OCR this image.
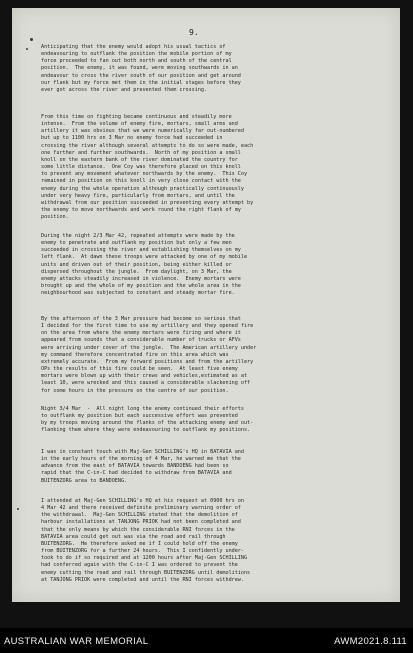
9.

Anticipating that the enemy would adopt his usual tactics of
endeavouring to outflank the position the mobile portion of my
force proceeded to fan out both north and south of the central
position.  The enemy, it was found, were moving southwards in an
endeavour to cross the river south of our position and get around
our flank but my force met them in the initial stages before they
ever got across the river and prevented them crossing.

From this time on fighting became continuous and steadily more
intense.  From the volume of enemy fire, mortars, small arms and
artillery it was obvious that we were numerically far out-numbered
but up to 1100 hrs on 3 Mar no enemy force had succeeded in
crossing the river although several attempts to do so were made, each
one further and further southwards.  North of my position a small
knoll on the eastern bank of the river dominated the country for
some little distance.  One Coy was therefore placed on this knoll
to prevent any movement whatever northwards by the enemy.  This Coy
remained in position on this knoll in very close contact with the
enemy during the whole operation although practically continuously
under very heavy fire, particularly from mortars, and until the
withdrawal from our position succeeded in preventing every attempt by
the enemy to move northwards and work round the right flank of my
position.

During the night 2/3 Mar 42, repeated attempts were made by the
enemy to penetrate and outflank my position but only a few men
succeeded in crossing the river and establishing themselves on my
left flank.  At dawn these troops were attacked by one of my mobile
units and driven out of their position, being either killed or
dispersed throughout the jungle.  From daylight, on 3 Mar, the
enemy attacks steadily increased in violence.  Enemy mortars were
brought up and the whole of my position and the whole area in the
neighbourhood was subjected to constant and steady mortar fire.

By the afternoon of the 3 Mar pressure had become so serious that
I decided for the first time to use my artillery and they opened fire
on the area from where the enemy mortars were firing and where it
appeared from sounds that a considerable number of trucks or AFVs
were arriving under cover of the jungle.  The American artillery under
my command therefore concentrated fire on this area which was
extremely accurate.  From my forward positions and from the artillery
OPs the results of this fire could be seen.  At least five enemy
mortars were blown up with their crews and vehicles,estimated as at
least 10, were wrecked and this caused a considerable slackening off
for some hours in the pressure on the centre of our position.

Night 3/4 Mar  -  All night long the enemy continued their efforts
to outflank my position but each successive effort was prevented
by my troops moving around the flanks of the attacking enemy and out-
flanking them where they were endeavouring to outflank my positions.

I was in constant touch with Maj-Gen SCHILLING's HQ in BATAVIA and
in the early hours of the morning of 4 Mar, he warned me that the
advance from the east of BATAVIA towards BANDOENG had been so
rapid that the C-in-C had decided to withdraw from BATAVIA and
BUITENZORG area to BANDOENG.

I attended at Maj-Gen SCHILLING's HQ at his request at 0900 hrs on
4 Mar 42 and there received definite preliminary warning order of
the withdrawal.  Maj-Gen SCHILLING stated that the demolition of
harbour installations at TANJONG PRIOK had not been completed and
that the only means by which the considerable RNI forces in the
BATAVIA area could get out was via the road and rail through
BUITENZORG.  He therefore asked me if I could hold off the enemy
from BUITENZORG for a further 24 hours.  This I confidently under-
took to do if so required and at 1200 hours after Maj-Gen SCHILLING
had conferred again with the C-in-C I was ordered to prevent the
enemy cutting the road and rail through BUITENZORG until demolitions
at TANJONG PRIOK were completed and until the RNI forces withdrew.

AUSTRALIAN WAR MEMORIAL	AWM2021.8.111
